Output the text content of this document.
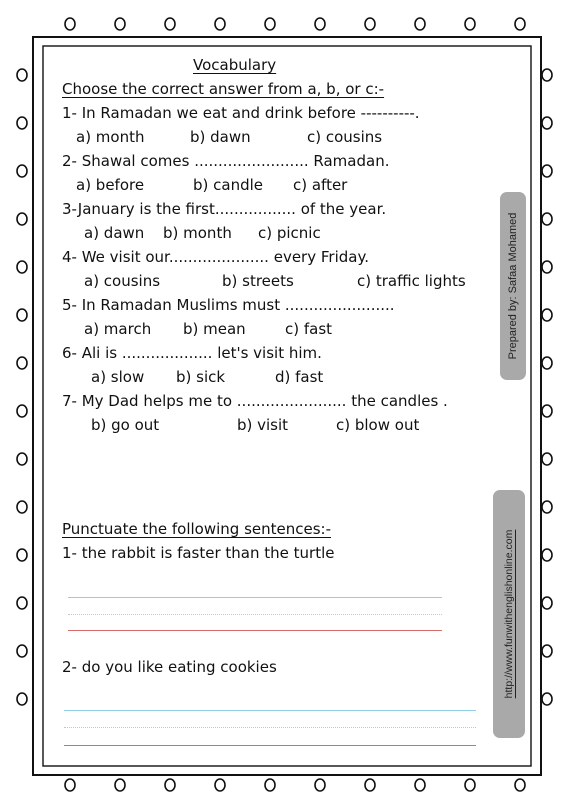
Vocabulary
Choose the correct answer from a, b, or c:-
1- In Ramadan we eat and drink before ----------.
a) month	b) dawn	c) cousins
2- Shawal comes ........................ Ramadan.
a) before	b) candle c) after
3-January is the first................. of the year.
a) dawn b) month c) picnic
4- We visit our..................... every Friday.
a) cousins	b) streets	c) traffic lights
5- In Ramadan Muslims must .......................
a) march b) mean	c) fast
6- Ali is ................... let's visit him.
a) slow b) sick	d) fast
7- My Dad helps me to ....................... the candles .
b) go out	b) visit	c) blow out
Prepared by: Safaa Mohamed
http://www.funwithenglishonline.com
Punctuate the following sentences:-
1- the rabbit is faster than the turtle
2- do you like eating cookies
